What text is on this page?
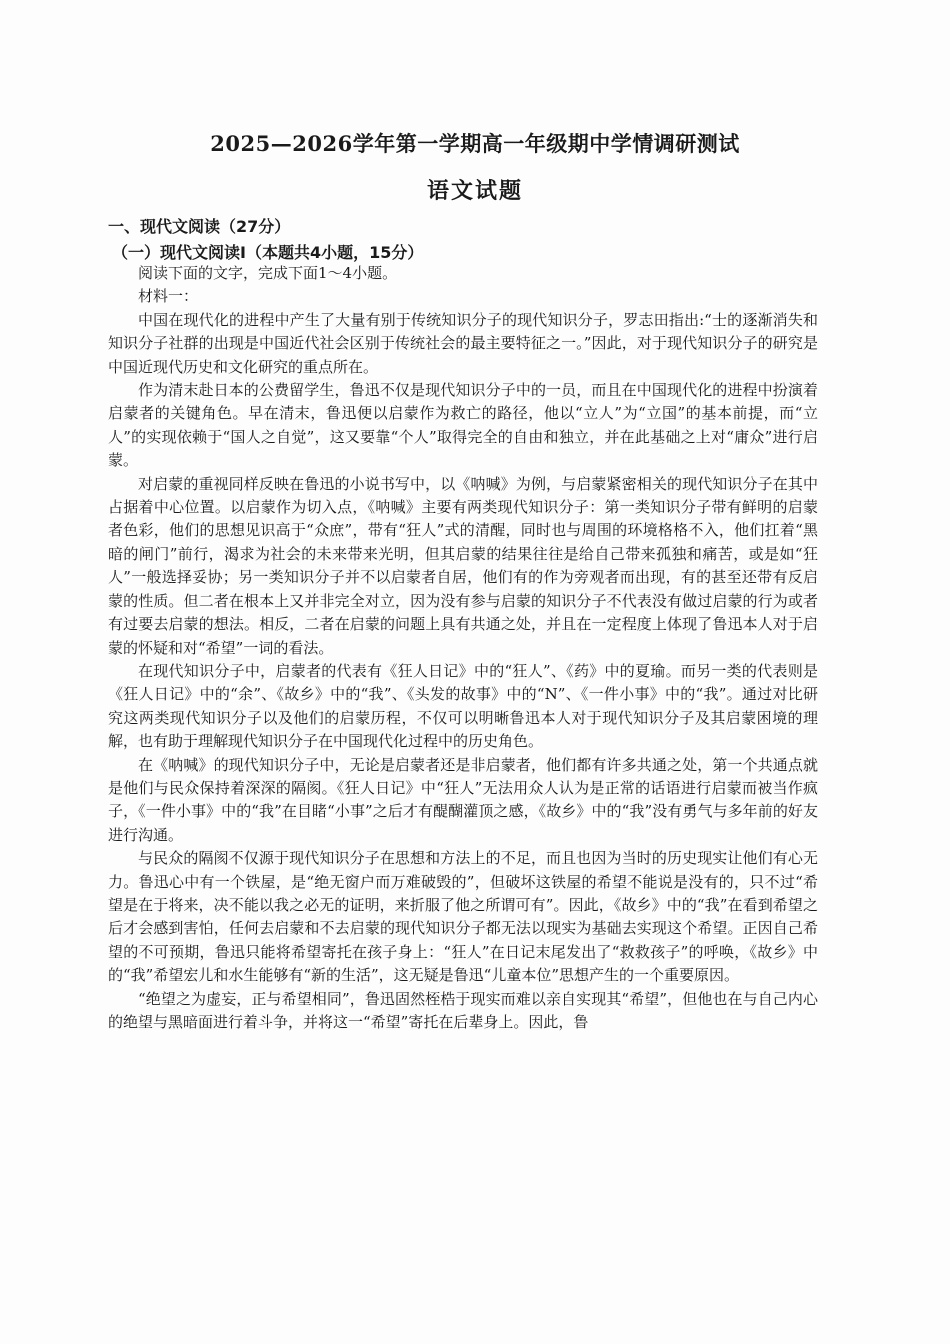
2025—2026学年第一学期高一年级期中学情调研测试
语文试题
一、现代文阅读（27分）
（一）现代文阅读Ⅰ（本题共4小题，15分）

阅读下面的文字，完成下面1～4小题。

材料一：

中国在现代化的进程中产生了大量有别于传统知识分子的现代知识分子，罗志田指出:“士的逐渐消失和知识分子社群的出现是中国近代社会区别于传统社会的最主要特征之一。”因此，对于现代知识分子的研究是中国近现代历史和文化研究的重点所在。

作为清末赴日本的公费留学生，鲁迅不仅是现代知识分子中的一员，而且在中国现代化的进程中扮演着启蒙者的关键角色。早在清末，鲁迅便以启蒙作为救亡的路径，他以“立人”为“立国”的基本前提，而“立人”的实现依赖于“国人之自觉”，这又要靠“个人”取得完全的自由和独立，并在此基础之上对“庸众”进行启蒙。

对启蒙的重视同样反映在鲁迅的小说书写中，以《呐喊》为例，与启蒙紧密相关的现代知识分子在其中占据着中心位置。以启蒙作为切入点，《呐喊》主要有两类现代知识分子：第一类知识分子带有鲜明的启蒙者色彩，他们的思想见识高于“众庶”，带有“狂人”式的清醒，同时也与周围的环境格格不入，他们扛着“黑暗的闸门”前行，渴求为社会的未来带来光明，但其启蒙的结果往往是给自己带来孤独和痛苦，或是如“狂人”一般选择妥协；另一类知识分子并不以启蒙者自居，他们有的作为旁观者而出现，有的甚至还带有反启蒙的性质。但二者在根本上又并非完全对立，因为没有参与启蒙的知识分子不代表没有做过启蒙的行为或者有过要去启蒙的想法。相反，二者在启蒙的问题上具有共通之处，并且在一定程度上体现了鲁迅本人对于启蒙的怀疑和对“希望”一词的看法。

在现代知识分子中，启蒙者的代表有《狂人日记》中的“狂人”、《药》中的夏瑜。而另一类的代表则是《狂人日记》中的“余”、《故乡》中的“我”、《头发的故事》中的“N”、《一件小事》中的“我”。通过对比研究这两类现代知识分子以及他们的启蒙历程，不仅可以明晰鲁迅本人对于现代知识分子及其启蒙困境的理解，也有助于理解现代知识分子在中国现代化过程中的历史角色。

在《呐喊》的现代知识分子中，无论是启蒙者还是非启蒙者，他们都有许多共通之处，第一个共通点就是他们与民众保持着深深的隔阂。《狂人日记》中“狂人”无法用众人认为是正常的话语进行启蒙而被当作疯子，《一件小事》中的“我”在目睹“小事”之后才有醍醐灌顶之感，《故乡》中的“我”没有勇气与多年前的好友进行沟通。

与民众的隔阂不仅源于现代知识分子在思想和方法上的不足，而且也因为当时的历史现实让他们有心无力。鲁迅心中有一个铁屋，是“绝无窗户而万难破毁的”，但破坏这铁屋的希望不能说是没有的，只不过“希望是在于将来，决不能以我之必无的证明，来折服了他之所谓可有”。因此，《故乡》中的“我”在看到希望之后才会感到害怕，任何去启蒙和不去启蒙的现代知识分子都无法以现实为基础去实现这个希望。正因自己希望的不可预期，鲁迅只能将希望寄托在孩子身上：“狂人”在日记末尾发出了“救救孩子”的呼唤，《故乡》中的“我”希望宏儿和水生能够有“新的生活”，这无疑是鲁迅“儿童本位”思想产生的一个重要原因。

“绝望之为虚妄，正与希望相同”，鲁迅固然桎梏于现实而难以亲自实现其“希望”，但他也在与自己内心的绝望与黑暗面进行着斗争，并将这一“希望”寄托在后辈身上。因此，鲁
